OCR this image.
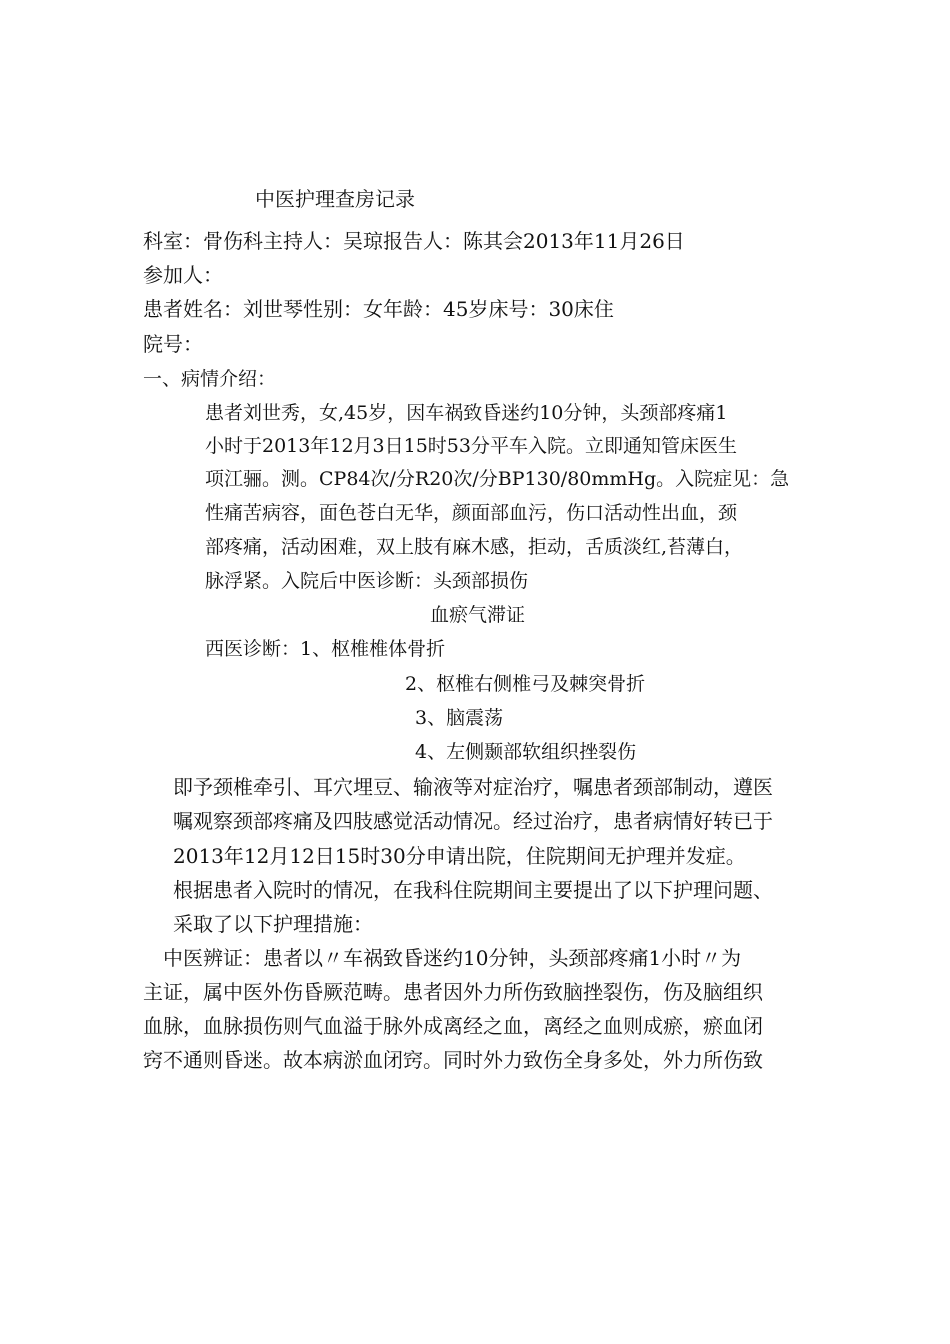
中医护理查房记录

科室：骨伤科主持人：吴琼报告人：陈其会2013年11月26日

参加人：

患者姓名：刘世琴性别：女年龄：45岁床号：30床住

院号：

一、病情介绍：

患者刘世秀，女,45岁，因车祸致昏迷约10分钟，头颈部疼痛1

小时于2013年12月3日15时53分平车入院。立即通知管床医生

项江骊。测。CP84次/分R20次/分BP130/80mmHg。入院症见：急

性痛苦病容，面色苍白无华，颜面部血污，伤口活动性出血，颈

部疼痛，活动困难，双上肢有麻木感，拒动，舌质淡红,苔薄白，

脉浮紧。入院后中医诊断：头颈部损伤

血瘀气滞证

西医诊断：1、枢椎椎体骨折

2、枢椎右侧椎弓及棘突骨折

3、脑震荡

4、左侧颞部软组织挫裂伤

即予颈椎牵引、耳穴埋豆、输液等对症治疗，嘱患者颈部制动，遵医

嘱观察颈部疼痛及四肢感觉活动情况。经过治疗，患者病情好转已于

2013年12月12日15时30分申请出院，住院期间无护理并发症。

根据患者入院时的情况，在我科住院期间主要提出了以下护理问题、

采取了以下护理措施：

中医辨证：患者以〃车祸致昏迷约10分钟，头颈部疼痛1小时〃为

主证，属中医外伤昏厥范畴。患者因外力所伤致脑挫裂伤，伤及脑组织

血脉，血脉损伤则气血溢于脉外成离经之血，离经之血则成瘀，瘀血闭

窍不通则昏迷。故本病淤血闭窍。同时外力致伤全身多处，外力所伤致
